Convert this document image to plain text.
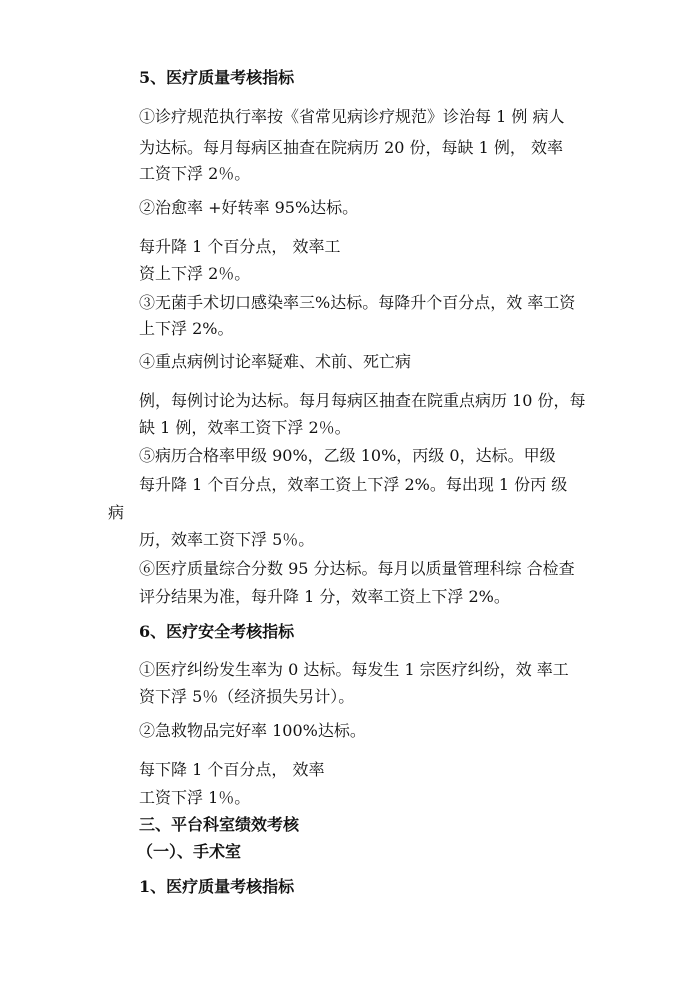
5、医疗质量考核指标
①诊疗规范执行率按《省常见病诊疗规范》诊治每 1 例 病人
为达标。每月每病区抽查在院病历 20 份，每缺 1 例， 效率
工资下浮 2％。
②治愈率 +好转率 95%达标。
每升降 1 个百分点， 效率工
资上下浮 2％。
③无菌手术切口感染率三%达标。每降升个百分点，效 率工资
上下浮 2%。
④重点病例讨论率疑难、术前、死亡病
例，每例讨论为达标。每月每病区抽查在院重点病历 10 份，每
缺 1 例，效率工资下浮 2％。
⑤病历合格率甲级 90%，乙级 10%，丙级 0，达标。甲级
每升降 1 个百分点，效率工资上下浮 2%。每出现 1 份丙 级
病
历，效率工资下浮 5％。
⑥医疗质量综合分数 95 分达标。每月以质量管理科综 合检查
评分结果为准，每升降 1 分，效率工资上下浮 2%。
6、医疗安全考核指标
①医疗纠纷发生率为 0 达标。每发生 1 宗医疗纠纷，效 率工
资下浮 5％（经济损失另计）。
②急救物品完好率 100%达标。
每下降 1 个百分点， 效率
工资下浮 1％。
三、平台科室绩效考核
（一）、手术室
1、医疗质量考核指标
